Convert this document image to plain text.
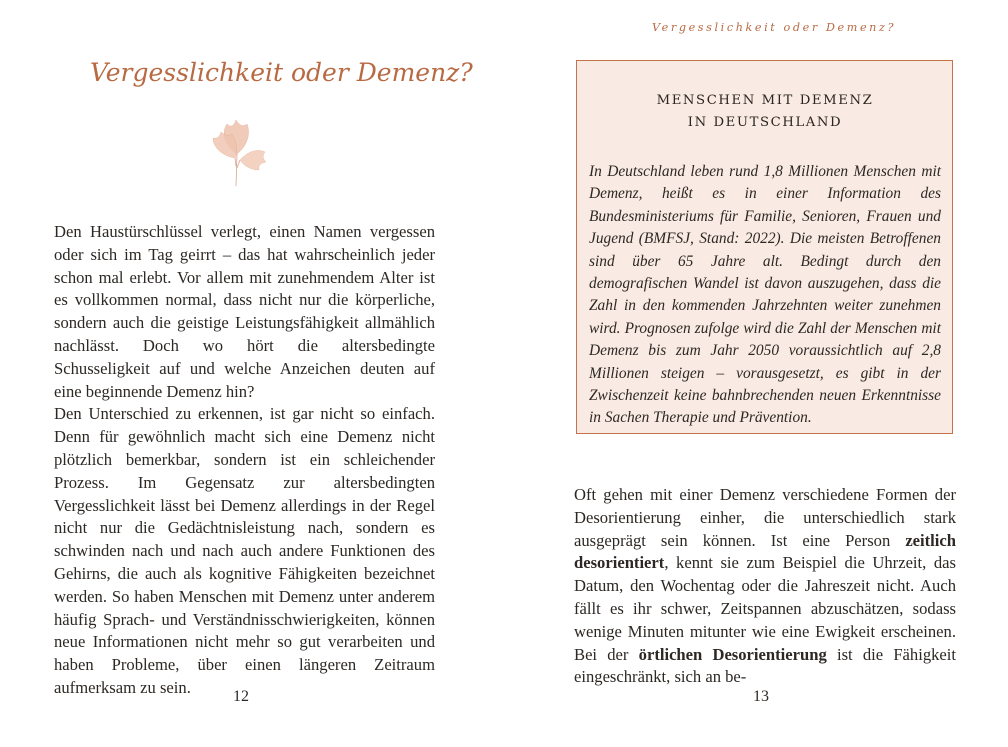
Vergesslichkeit oder Demenz?

Den Haustürschlüssel verlegt, einen Namen vergessen oder sich im Tag geirrt – das hat wahrscheinlich jeder schon mal erlebt. Vor allem mit zunehmendem Alter ist es vollkommen normal, dass nicht nur die körperliche, sondern auch die geistige Leistungsfähigkeit allmählich nachlässt. Doch wo hört die altersbedingte Schusseligkeit auf und welche Anzeichen deuten auf eine beginnende Demenz hin?

Den Unterschied zu erkennen, ist gar nicht so einfach. Denn für gewöhnlich macht sich eine Demenz nicht plötzlich bemerkbar, sondern ist ein schleichender Prozess. Im Gegensatz zur altersbedingten Vergesslichkeit lässt bei Demenz allerdings in der Regel nicht nur die Gedächtnisleistung nach, sondern es schwinden nach und nach auch andere Funktionen des Gehirns, die auch als kognitive Fähigkeiten bezeichnet werden. So haben Menschen mit Demenz unter anderem häufig Sprach- und Verständnisschwierigkeiten, können neue Informationen nicht mehr so gut verarbeiten und haben Probleme, über einen längeren Zeitraum aufmerksam zu sein.	12
Vergesslichkeit oder Demenz?
MENSCHEN MIT DEMENZ
IN DEUTSCHLAND
In Deutschland leben rund 1,8 Millionen Menschen mit Demenz, heißt es in einer Information des Bundesministeriums für Familie, Senioren, Frauen und Jugend (BMFSJ, Stand: 2022). Die meisten Betroffenen sind über 65 Jahre alt. Bedingt durch den demografischen Wandel ist davon auszugehen, dass die Zahl in den kommenden Jahrzehnten weiter zunehmen wird. Prognosen zufolge wird die Zahl der Menschen mit Demenz bis zum Jahr 2050 voraussichtlich auf 2,8 Millionen steigen – vorausgesetzt, es gibt in der Zwischenzeit keine bahnbrechenden neuen Erkenntnisse in Sachen Therapie und Prävention.

Oft gehen mit einer Demenz verschiedene Formen der Desorientierung einher, die unterschiedlich stark ausgeprägt sein können. Ist eine Person zeitlich desorientiert, kennt sie zum Beispiel die Uhrzeit, das Datum, den Wochentag oder die Jahreszeit nicht. Auch fällt es ihr schwer, Zeitspannen abzuschätzen, sodass wenige Minuten mitunter wie eine Ewigkeit erscheinen. Bei der örtlichen Desorientierung ist die Fähigkeit eingeschränkt, sich an be-

13
